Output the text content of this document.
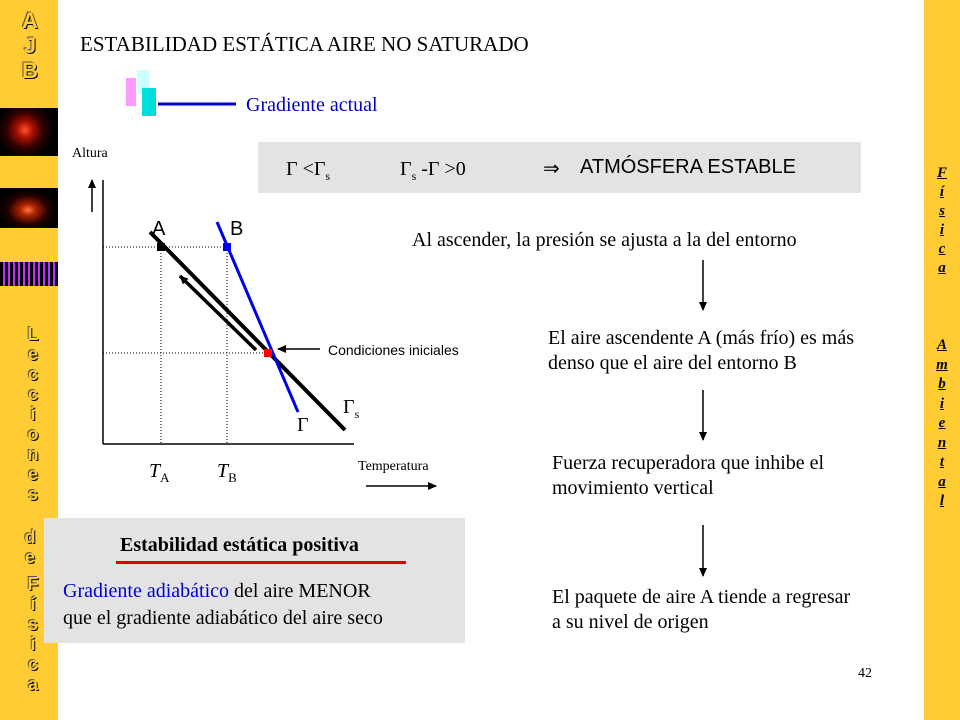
A
J
B
L
e
c
c
i
o
n
e
s
d
e
F
í
s
i
c
a
F
í
s
i
c
a
A
m
b
i
e
n
t
a
l
ESTABILIDAD ESTÁTICA AIRE NO SATURADO
Gradiente actual
$\Gamma <\Gamma_s$	$\Gamma_s$ -Γ >0	⇒ ATMÓSFERA ESTABLE
Altura
A	B
Condiciones iniciales
$\Gamma_s$
Γ
$T_A$ $T_B$
Temperatura
Al ascender, la presión se ajusta a la del entorno
El aire ascendente A (más frío) es más denso que el aire del entorno B
Fuerza recuperadora que inhibe el movimiento vertical
El paquete de aire A tiende a regresar a su nivel de origen
Estabilidad estática positiva
Gradiente adiabático del aire MENOR
que el gradiente adiabático del aire seco
42
